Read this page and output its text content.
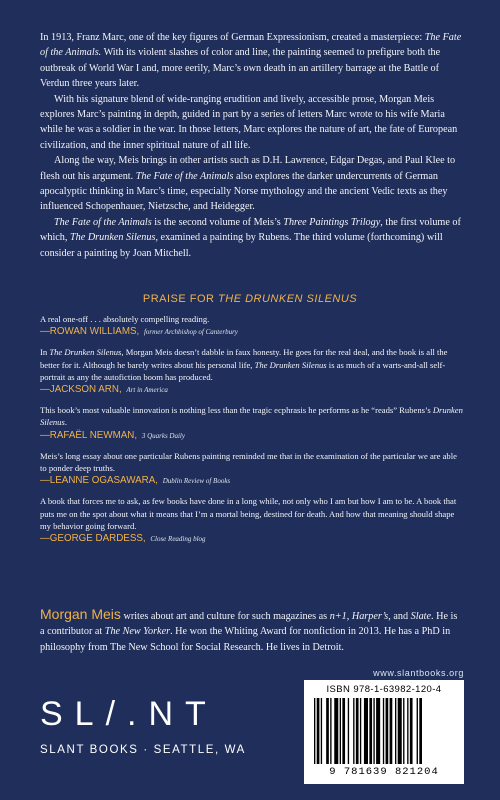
In 1913, Franz Marc, one of the key figures of German Expressionism, created a masterpiece: The Fate of the Animals. With its violent slashes of color and line, the painting seemed to prefigure both the outbreak of World War I and, more eerily, Marc’s own death in an artillery barrage at the Battle of Verdun three years later.

With his signature blend of wide-ranging erudition and lively, accessible prose, Morgan Meis explores Marc’s painting in depth, guided in part by a series of letters Marc wrote to his wife Maria while he was a soldier in the war. In those letters, Marc explores the nature of art, the fate of European civilization, and the inner spiritual nature of all life.

Along the way, Meis brings in other artists such as D.H. Lawrence, Edgar Degas, and Paul Klee to flesh out his argument. The Fate of the Animals also explores the darker undercurrents of German apocalyptic thinking in Marc’s time, especially Norse mythology and the ancient Vedic texts as they influenced Schopenhauer, Nietzsche, and Heidegger.

The Fate of the Animals is the second volume of Meis’s Three Paintings Trilogy, the first volume of which, The Drunken Silenus, examined a painting by Rubens. The third volume (forthcoming) will consider a painting by Joan Mitchell.

PRAISE FOR THE DRUNKEN SILENUS
A real one-off . . . absolutely compelling reading.
—ROWAN WILLIAMS, former Archbishop of Canterbury
In The Drunken Silenus, Morgan Meis doesn’t dabble in faux honesty. He goes for the real deal, and the book is all the better for it. Although he barely writes about his personal life, The Drunken Silenus is as much of a warts-and-all self-portrait as any the autofiction boom has produced.
—JACKSON ARN, Art in America
This book’s most valuable innovation is nothing less than the tragic ecphrasis he performs as he “reads” Rubens’s Drunken Silenus.
—RAFAËL NEWMAN, 3 Quarks Daily
Meis’s long essay about one particular Rubens painting reminded me that in the examination of the particular we are able to ponder deep truths.
—LEANNE OGASAWARA, Dublin Review of Books
A book that forces me to ask, as few books have done in a long while, not only who I am but how I am to be. A book that puts me on the spot about what it means that I’m a mortal being, destined for death. And how that meaning should shape my behavior going forward.
—GEORGE DARDESS, Close Reading blog
Morgan Meis writes about art and culture for such magazines as n+1, Harper’s, and Slate. He is a contributor at The New Yorker. He won the Whiting Award for nonfiction in 2013. He has a PhD in philosophy from The New School for Social Research. He lives in Detroit.
www.slantbooks.org
SL/.NT
SLANT BOOKS · SEATTLE, WA
ISBN 978-1-63982-120-4
9 781639 821204
